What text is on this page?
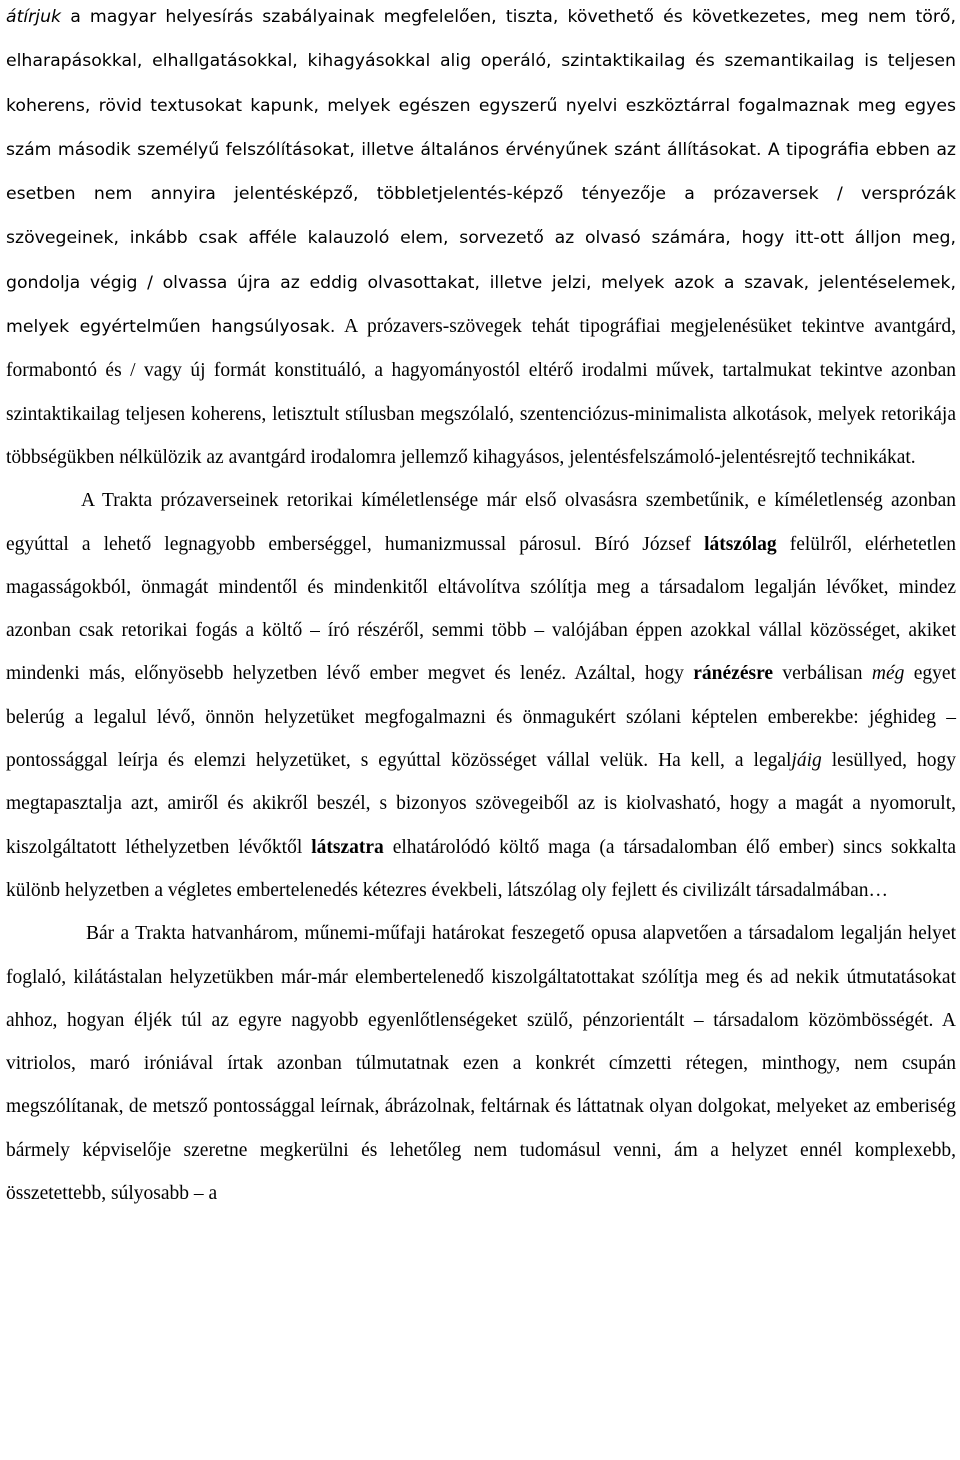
átírjuk a magyar helyesírás szabályainak megfelelően, tiszta, követhető és következetes, meg nem törő, elharapásokkal, elhallgatásokkal, kihagyásokkal alig operáló, szintaktikailag és szemantikailag is teljesen koherens, rövid textusokat kapunk, melyek egészen egyszerű nyelvi eszköztárral fogalmaznak meg egyes szám második személyű felszólításokat, illetve általános érvényűnek szánt állításokat. A tipográfia ebben az esetben nem annyira jelentésképző, többletjelentés-képző tényezője a prózaversek / versprózák szövegeinek, inkább csak afféle kalauzoló elem, sorvezető az olvasó számára, hogy itt-ott álljon meg, gondolja végig / olvassa újra az eddig olvasottakat, illetve jelzi, melyek azok a szavak, jelentéselemek, melyek egyértelműen hangsúlyosak. A prózavers-szövegek tehát tipográfiai megjelenésüket tekintve avantgárd, formabontó és / vagy új formát konstituáló, a hagyományostól eltérő irodalmi művek, tartalmukat tekintve azonban szintaktikailag teljesen koherens, letisztult stílusban megszólaló, szentenciózus-minimalista alkotások, melyek retorikája többségükben nélkülözik az avantgárd irodalomra jellemző kihagyásos, jelentésfelszámoló-jelentésrejtő technikákat.

A Trakta prózaverseinek retorikai kíméletlensége már első olvasásra szembetűnik, e kíméletlenség azonban egyúttal a lehető legnagyobb emberséggel, humanizmussal párosul. Bíró József látszólag felülről, elérhetetlen magasságokból, önmagát mindentől és mindenkitől eltávolítva szólítja meg a társadalom legalján lévőket, mindez azonban csak retorikai fogás a költő – író részéről, semmi több – valójában éppen azokkal vállal közösséget, akiket mindenki más, előnyösebb helyzetben lévő ember megvet és lenéz. Azáltal, hogy ránézésre verbálisan még egyet belerúg a legalul lévő, önnön helyzetüket megfogalmazni és önmagukért szólani képtelen emberekbe: jéghideg – pontossággal leírja és elemzi helyzetüket, s egyúttal közösséget vállal velük. Ha kell, a legaljáig lesüllyed, hogy megtapasztalja azt, amiről és akikről beszél, s bizonyos szövegeiből az is kiolvasható, hogy a magát a nyomorult, kiszolgáltatott léthelyzetben lévőktől látszatra elhatárolódó költő maga (a társadalomban élő ember) sincs sokkalta különb helyzetben a végletes embertelenedés kétezres évekbeli, látszólag oly fejlett és civilizált társadalmában…

Bár a Trakta hatvanhárom, műnemi-műfaji határokat feszegető opusa alapvetően a társadalom legalján helyet foglaló, kilátástalan helyzetükben már-már elembertelenedő kiszolgáltatottakat szólítja meg és ad nekik útmutatásokat ahhoz, hogyan éljék túl az egyre nagyobb egyenlőtlenségeket szülő, pénzorientált – társadalom közömbösségét. A vitriolos, maró iróniával írtak azonban túlmutatnak ezen a konkrét címzetti rétegen, minthogy, nem csupán megszólítanak, de metsző pontossággal leírnak, ábrázolnak, feltárnak és láttatnak olyan dolgokat, melyeket az emberiség bármely képviselője szeretne megkerülni és lehetőleg nem tudomásul venni, ám a helyzet ennél komplexebb, összetettebb, súlyosabb – a
